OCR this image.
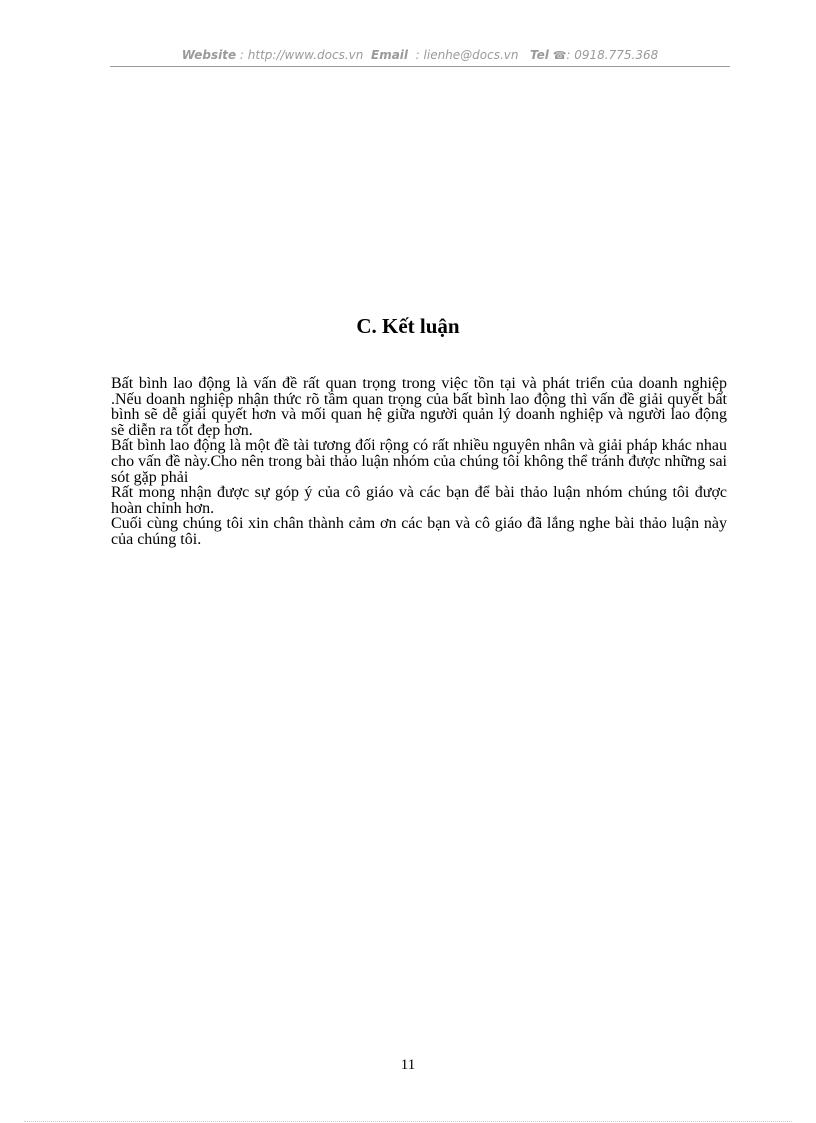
Website : http://www.docs.vn Email : lienhe@docs.vn Tel ☎: 0918.775.368
C. Kết luận

Bất bình lao động là vấn đề rất quan trọng trong việc tồn tại và phát triển của doanh nghiệp .Nếu doanh nghiệp nhận thức rõ tầm quan trọng của bất bình lao động thì vấn đề giải quyết bất bình sẽ dễ giải quyết hơn và mối quan hệ giữa người quản lý doanh nghiệp và người lao động sẽ diễn ra tốt đẹp hơn.

Bất bình lao động là một đề tài tương đối rộng có rất nhiều nguyên nhân và giải pháp khác nhau cho vấn đề này.Cho nên trong bài thảo luận nhóm của chúng tôi không thể tránh được những sai sót gặp phải

Rất mong nhận được sự góp ý của cô giáo và các bạn để bài thảo luận nhóm chúng tôi được hoàn chỉnh hơn.

Cuối cùng chúng tôi xin chân thành cảm ơn các bạn và cô giáo đã lắng nghe bài thảo luận này của chúng tôi.

11
